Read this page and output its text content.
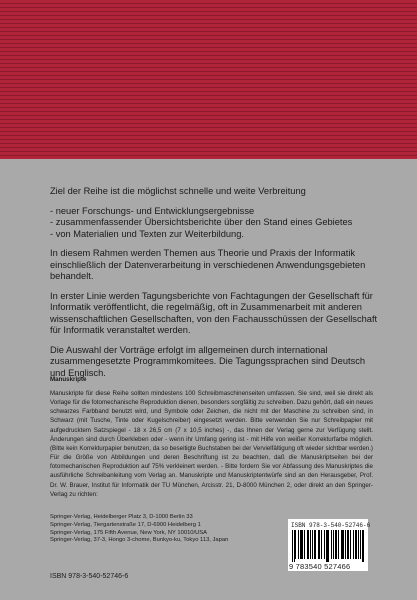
Ziel der Reihe ist die möglichst schnelle und weite Verbreitung

- neuer Forschungs- und Entwicklungsergebnisse
- zusammenfassender Übersichtsberichte über den Stand eines Gebietes
- von Materialien und Texten zur Weiterbildung.

In diesem Rahmen werden Themen aus Theorie und Praxis der Informatik einschließlich der Datenverarbeitung in verschiedenen Anwendungsgebieten behandelt.

In erster Linie werden Tagungsberichte von Fachtagungen der Gesellschaft für Informatik veröffentlicht, die regelmäßig, oft in Zusammenarbeit mit anderen wissenschaftlichen Gesellschaften, von den Fachausschüssen der Gesellschaft für Informatik veranstaltet werden.

Die Auswahl der Vorträge erfolgt im allgemeinen durch international zusammengesetzte Programmkomitees. Die Tagungssprachen sind Deutsch und Englisch.

Manuskripte
Manuskripte für diese Reihe sollten mindestens 100 Schreibmaschinenseiten umfassen. Sie sind, weil sie direkt als Vorlage für die fotomechanische Reproduktion dienen, besonders sorgfältig zu schreiben. Dazu gehört, daß ein neues schwarzes Farbband benutzt wird, und Symbole oder Zeichen, die nicht mit der Maschine zu schreiben sind, in Schwarz (mit Tusche, Tinte oder Kugelschreiber) eingesetzt werden. Bitte verwenden Sie nur Schreibpapier mit aufgedrucktem Satzspiegel - 18 x 26,5 cm (7 x 10,5 inches) -, das Ihnen der Verlag gerne zur Verfügung stellt. Änderungen sind durch Überkleben oder - wenn ihr Umfang gering ist - mit Hilfe von weißer Korrekturfarbe möglich. (Bitte kein Korrekturpapier benutzen, da so beseitigte Buchstaben bei der Vervielfältigung oft wieder sichtbar werden.) Für die Größe von Abbildungen und deren Beschriftung ist zu beachten, daß die Manuskriptseiten bei der fotomechanischen Reproduktion auf 75% verkleinert werden. - Bitte fordern Sie vor Abfassung des Manuskriptes die ausführliche Schreibanleitung vom Verlag an. Manuskripte und Manuskriptentwürfe sind an den Herausgeber, Prof. Dr. W. Brauer, Institut für Informatik der TU München, Arcisstr. 21, D-8000 München 2, oder direkt an den Springer-Verlag zu richten:
Springer-Verlag, Heidelberger Platz 3, D-1000 Berlin 33
Springer-Verlag, Tiergartenstraße 17, D-6900 Heidelberg 1
Springer-Verlag, 175 Fifth Avenue, New York, NY 10010/USA
Springer-Verlag, 37-3, Hongo 3-chome, Bunkyo-ku, Tokyo 113, Japan
ISBN 978-3-540-52746-6
ISBN 978-3-540-52746-6
9 783540 527466
